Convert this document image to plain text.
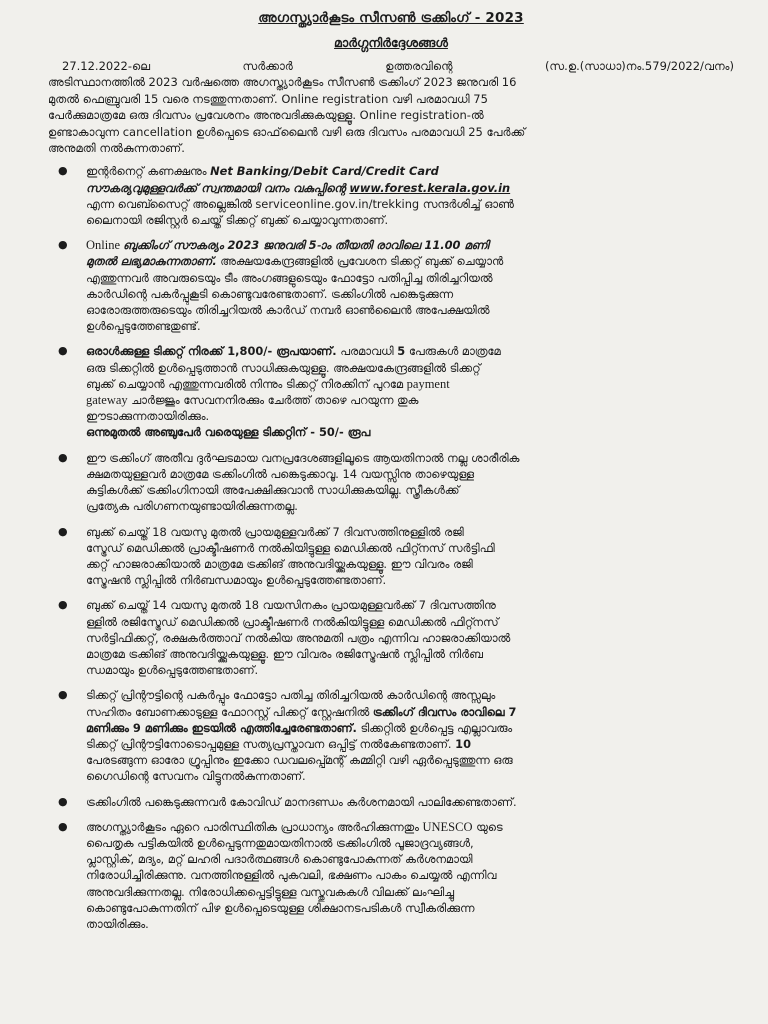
അഗസ്ത്യാർകൂടം സീസൺ ട്രക്കിംഗ് - 2023
മാർഗ്ഗനിർദ്ദേശങ്ങൾ

27.12.2022-ലെ	സർക്കാർ	ഉത്തരവിന്റെ	(സ.ഉ.(സാധാ)നം.579/2022/വനം)

അടിസ്ഥാനത്തിൽ 2023 വർഷത്തെ അഗസ്ത്യാർകൂടം സീസൺ ട്രക്കിംഗ് 2023 ജനുവരി 16

മുതൽ ഫെബ്രുവരി 15 വരെ നടത്തുന്നതാണ്. Online registration വഴി പരമാവധി 75

പേർക്കുമാത്രമേ ഒരു ദിവസം പ്രവേശനം അനുവദിക്കുകയുള്ളൂ. Online registration-ൽ

ഉണ്ടാകാവുന്ന cancellation ഉൾപ്പെടെ ഓഫ്‌ലൈൻ വഴി ഒരു ദിവസം പരമാവധി 25 പേർക്ക്

അനുമതി നൽകുന്നതാണ്.

● ഇന്റർനെറ്റ് കണക്ഷനും Net Banking/Debit Card/Credit Card

സൗകര്യവുമുള്ളവർക്ക് സ്വന്തമായി വനം വകുപ്പിന്റെ www.forest.kerala.gov.in

എന്ന വെബ്സൈറ്റ് അല്ലെങ്കിൽ serviceonline.gov.in/trekking സന്ദർശിച്ച് ഓൺ

ലൈനായി രജിസ്റ്റർ ചെയ്ത് ടിക്കറ്റ് ബുക്ക് ചെയ്യാവുന്നതാണ്.

● Online ബുക്കിംഗ് സൗകര്യം 2023 ജനുവരി 5-ാം തീയതി രാവിലെ 11.00 മണി

മുതൽ ലഭ്യമാകുന്നതാണ്. അക്ഷയകേന്ദ്രങ്ങളിൽ പ്രവേശന ടിക്കറ്റ് ബുക്ക് ചെയ്യാൻ

എത്തുന്നവർ അവരുടെയും ടീം അംഗങ്ങളുടെയും ഫോട്ടോ പതിപ്പിച്ച തിരിച്ചറിയൽ

കാർഡിന്റെ പകർപ്പുകൂടി കൊണ്ടുവരേണ്ടതാണ്. ട്രക്കിംഗിൽ പങ്കെടുക്കുന്ന

ഓരോരുത്തരുടെയും തിരിച്ചറിയൽ കാർഡ് നമ്പർ ഓൺലൈൻ അപേക്ഷയിൽ

ഉൾപ്പെടുത്തേണ്ടതുണ്ട്.

● ഒരാൾക്കുള്ള ടിക്കറ്റ് നിരക്ക് 1,800/- രൂപയാണ്. പരമാവധി 5 പേരുകൾ മാത്രമേ

ഒരു ടിക്കറ്റിൽ ഉൾപ്പെടുത്താൻ സാധിക്കുകയുള്ളൂ. അക്ഷയകേന്ദ്രങ്ങളിൽ ടിക്കറ്റ്

ബുക്ക് ചെയ്യാൻ എത്തുന്നവരിൽ നിന്നും ടിക്കറ്റ് നിരക്കിന് പുറമേ payment

gateway ചാർജ്ജും സേവനനിരക്കും ചേർത്ത് താഴെ പറയുന്ന തുക

ഈടാക്കുന്നതായിരിക്കും.

ഒന്നുമുതൽ അഞ്ചുപേർ വരെയുള്ള ടിക്കറ്റിന് - 50/- രൂപ

● ഈ ട്രക്കിംഗ് അതീവ ദുർഘടമായ വനപ്രദേശങ്ങളിലൂടെ ആയതിനാൽ നല്ല ശാരീരിക

ക്ഷമതയുള്ളവർ മാത്രമേ ട്രക്കിംഗിൽ പങ്കെടുക്കാവൂ. 14 വയസ്സിനു താഴെയുള്ള

കുട്ടികൾക്ക് ട്രക്കിംഗിനായി അപേക്ഷിക്കുവാൻ സാധിക്കുകയില്ല. സ്ത്രീകൾക്ക്

പ്രത്യേക പരിഗണനയുണ്ടായിരിക്കുന്നതല്ല.

● ബുക്ക് ചെയ്ത് 18 വയസു മുതൽ പ്രായമുള്ളവർക്ക് 7 ദിവസത്തിനുള്ളിൽ രജി

സ്ട്രേഡ് മെഡിക്കൽ പ്രാക്ടീഷണർ നൽകിയിട്ടുള്ള മെഡിക്കൽ ഫിറ്റ്നസ് സർട്ടിഫി

ക്കറ്റ് ഹാജരാക്കിയാൽ മാത്രമേ ട്രക്കിങ് അനുവദിയ്ക്കുകയുള്ളൂ. ഈ വിവരം രജി

സ്ട്രേഷൻ സ്ലിപ്പിൽ നിർബന്ധമായും ഉൾപ്പെടുത്തേണ്ടതാണ്.

● ബുക്ക് ചെയ്ത് 14 വയസു മുതൽ 18 വയസിനകം പ്രായമുള്ളവർക്ക് 7 ദിവസത്തിനു

ള്ളിൽ രജിസ്ട്രേഡ് മെഡിക്കൽ പ്രാക്ടീഷണർ നൽകിയിട്ടുള്ള മെഡിക്കൽ ഫിറ്റ്നസ്

സർട്ടിഫിക്കറ്റ്, രക്ഷകർത്താവ് നൽകിയ അനുമതി പത്രം എന്നിവ ഹാജരാക്കിയാൽ

മാത്രമേ ട്രക്കിങ് അനുവദിയ്ക്കുകയുള്ളൂ. ഈ വിവരം രജിസ്ട്രേഷൻ സ്ലിപ്പിൽ നിർബ

ന്ധമായും ഉൾപ്പെടുത്തേണ്ടതാണ്.

● ടിക്കറ്റ് പ്രിന്റൗട്ടിന്റെ പകർപ്പും ഫോട്ടോ പതിച്ച തിരിച്ചറിയൽ കാർഡിന്റെ അസ്സലും

സഹിതം ബോണക്കാടുള്ള ഫോറസ്റ്റ് പിക്കറ്റ് സ്റ്റേഷനിൽ ട്രക്കിംഗ് ദിവസം രാവിലെ 7

മണിക്കും 9 മണിക്കും ഇടയിൽ എത്തിച്ചേരേണ്ടതാണ്. ടിക്കറ്റിൽ ഉൾപ്പെട്ട എല്ലാവരും

ടിക്കറ്റ് പ്രിന്റൗട്ടിനോടൊപ്പമുള്ള സത്യപ്രസ്താവന ഒപ്പിട്ട് നൽകേണ്ടതാണ്. 10

പേരടങ്ങുന്ന ഓരോ ഗ്രൂപ്പിനും ഇക്കോ ഡവലപ്പ്മെന്റ് കമ്മിറ്റി വഴി ഏർപ്പെടുത്തുന്ന ഒരു

ഗൈഡിന്റെ സേവനം വിട്ടുനൽകുന്നതാണ്.

● ട്രക്കിംഗിൽ പങ്കെടുക്കുന്നവർ കോവിഡ് മാനദണ്ഡം കർശനമായി പാലിക്കേണ്ടതാണ്.

● അഗസ്ത്യാർകൂടം ഏറെ പാരിസ്ഥിതിക പ്രാധാന്യം അർഹിക്കുന്നതും UNESCO യുടെ

പൈതൃക പട്ടികയിൽ ഉൾപ്പെടുന്നതുമായതിനാൽ ട്രക്കിംഗിൽ പൂജാദ്രവ്യങ്ങൾ,

പ്ലാസ്റ്റിക്, മദ്യം, മറ്റ് ലഹരി പദാർത്ഥങ്ങൾ കൊണ്ടുപോകുന്നത് കർശനമായി

നിരോധിച്ചിരിക്കുന്നു. വനത്തിനുള്ളിൽ പുകവലി, ഭക്ഷണം പാകം ചെയ്യൽ എന്നിവ

അനുവദിക്കുന്നതല്ല. നിരോധിക്കപ്പെട്ടിട്ടുള്ള വസ്തുവകകൾ വിലക്ക് ലംഘിച്ചു

കൊണ്ടുപോകുന്നതിന് പിഴ ഉൾപ്പെടെയുള്ള ശിക്ഷാനടപടികൾ സ്വീകരിക്കുന്ന

തായിരിക്കും.
